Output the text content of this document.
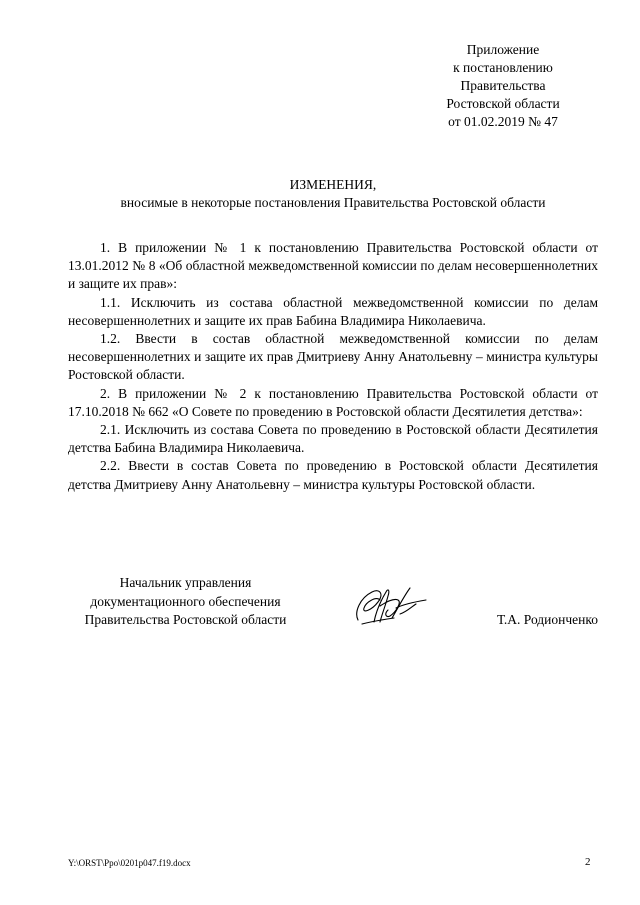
Приложение
к постановлению
Правительства
Ростовской области
от 01.02.2019 № 47
ИЗМЕНЕНИЯ,
вносимые в некоторые постановления Правительства Ростовской области

1. В приложении № 1 к постановлению Правительства Ростовской области от 13.01.2012 № 8 «Об областной межведомственной комиссии по делам несовершеннолетних и защите их прав»:

1.1. Исключить из состава областной межведомственной комиссии по делам несовершеннолетних и защите их прав Бабина Владимира Николаевича.

1.2. Ввести в состав областной межведомственной комиссии по делам несовершеннолетних и защите их прав Дмитриеву Анну Анатольевну – министра культуры Ростовской области.

2. В приложении № 2 к постановлению Правительства Ростовской области от 17.10.2018 № 662 «О Совете по проведению в Ростовской области Десятилетия детства»:

2.1. Исключить из состава Совета по проведению в Ростовской области Десятилетия детства Бабина Владимира Николаевича.

2.2. Ввести в состав Совета по проведению в Ростовской области Десятилетия детства Дмитриеву Анну Анатольевну – министра культуры Ростовской области.

Начальник управления
документационного обеспечения
Правительства Ростовской области	Т.А. Родионченко
Y:\ORST\Ppo\0201p047.f19.docx	2
